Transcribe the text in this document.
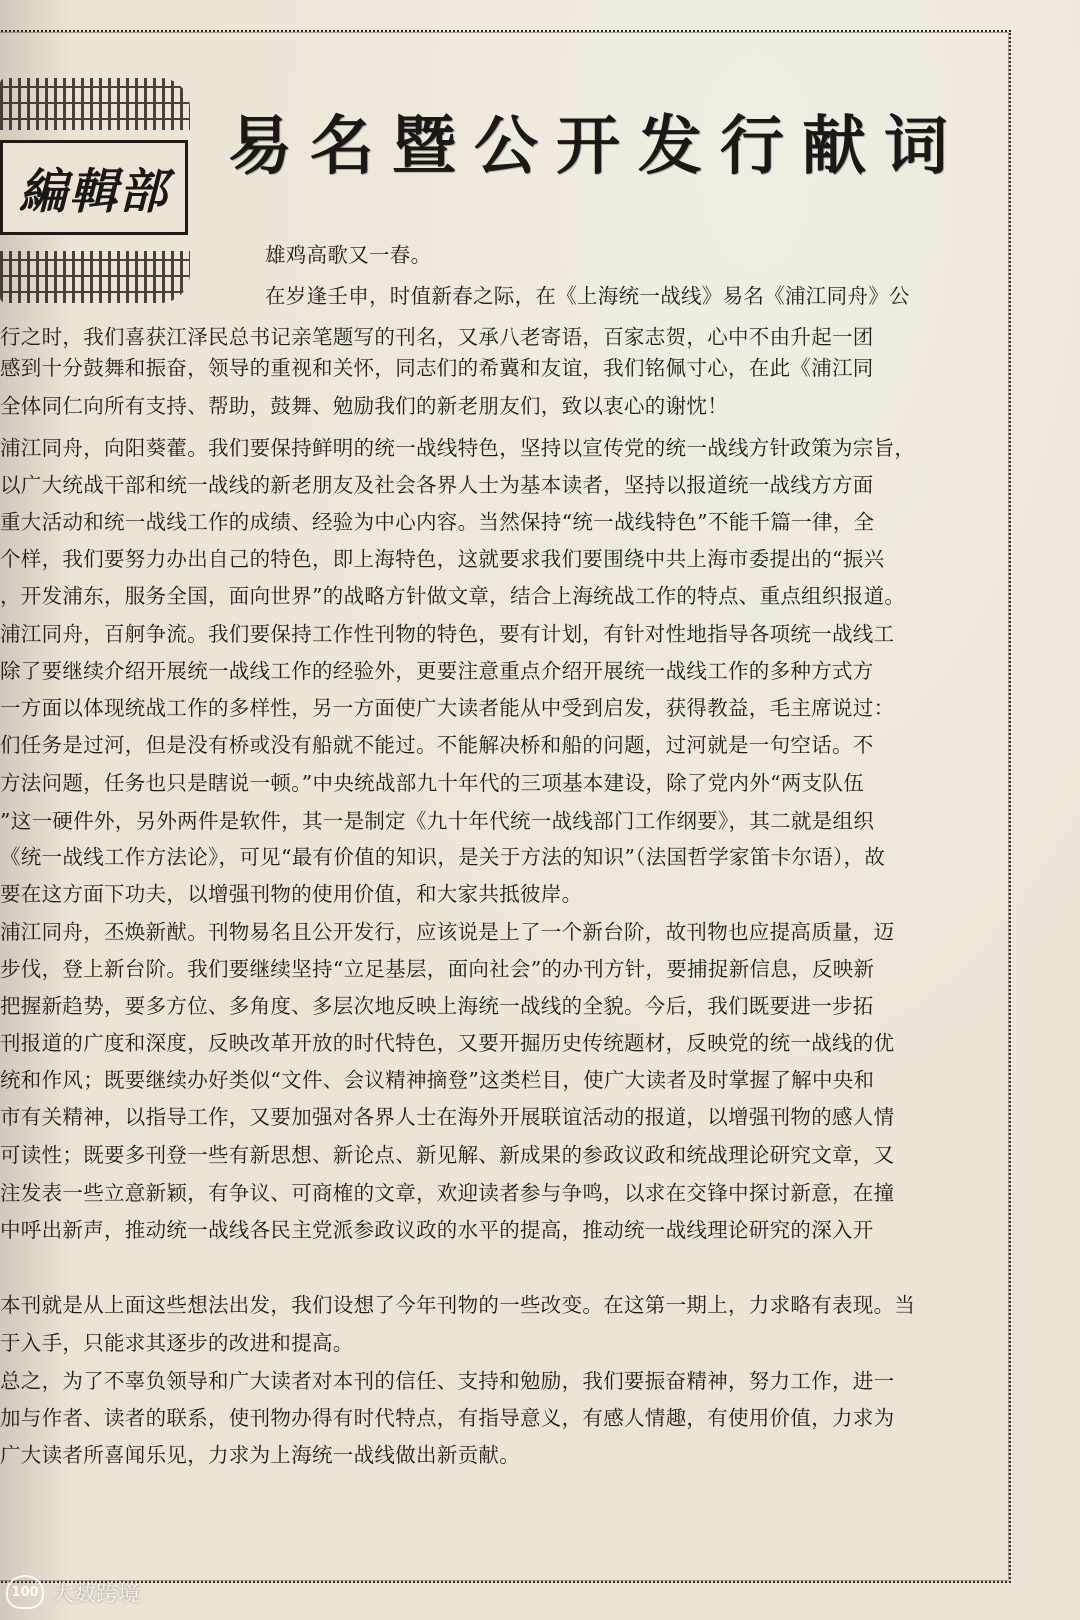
編輯部
易名暨公开发行献词
雄鸡高歌又一春。
在岁逢壬申，时值新春之际，在《上海统一战线》易名《浦江同舟》公
行之时，我们喜获江泽民总书记亲笔题写的刊名，又承八老寄语，百家志贺，心中不由升起一团
感到十分鼓舞和振奋，领导的重视和关怀，同志们的希冀和友谊，我们铭佩寸心，在此《浦江同
全体同仁向所有支持、帮助，鼓舞、勉励我们的新老朋友们，致以衷心的谢忱！
浦江同舟，向阳葵藿。我们要保持鲜明的统一战线特色，坚持以宣传党的统一战线方针政策为宗旨，
以广大统战干部和统一战线的新老朋友及社会各界人士为基本读者，坚持以报道统一战线方方面
重大活动和统一战线工作的成绩、经验为中心内容。当然保持“统一战线特色”不能千篇一律，全
个样，我们要努力办出自己的特色，即上海特色，这就要求我们要围绕中共上海市委提出的“振兴
，开发浦东，服务全国，面向世界”的战略方针做文章，结合上海统战工作的特点、重点组织报道。
浦江同舟，百舸争流。我们要保持工作性刊物的特色，要有计划，有针对性地指导各项统一战线工
除了要继续介绍开展统一战线工作的经验外，更要注意重点介绍开展统一战线工作的多种方式方
一方面以体现统战工作的多样性，另一方面使广大读者能从中受到启发，获得教益，毛主席说过：
们任务是过河，但是没有桥或没有船就不能过。不能解决桥和船的问题，过河就是一句空话。不
方法问题，任务也只是瞎说一顿。”中央统战部九十年代的三项基本建设，除了党内外“两支队伍
”这一硬件外，另外两件是软件，其一是制定《九十年代统一战线部门工作纲要》，其二就是组织
《统一战线工作方法论》，可见“最有价值的知识，是关于方法的知识”（法国哲学家笛卡尔语），故
要在这方面下功夫，以增强刊物的使用价值，和大家共抵彼岸。
浦江同舟，丕焕新猷。刊物易名且公开发行，应该说是上了一个新台阶，故刊物也应提高质量，迈
步伐，登上新台阶。我们要继续坚持“立足基层，面向社会”的办刊方针，要捕捉新信息，反映新
把握新趋势，要多方位、多角度、多层次地反映上海统一战线的全貌。今后，我们既要进一步拓
刊报道的广度和深度，反映改革开放的时代特色，又要开掘历史传统题材，反映党的统一战线的优
统和作风；既要继续办好类似“文件、会议精神摘登”这类栏目，使广大读者及时掌握了解中央和
市有关精神，以指导工作，又要加强对各界人士在海外开展联谊活动的报道，以增强刊物的感人情
可读性；既要多刊登一些有新思想、新论点、新见解、新成果的参政议政和统战理论研究文章，又
注发表一些立意新颖，有争议、可商榷的文章，欢迎读者参与争鸣，以求在交锋中探讨新意，在撞
中呼出新声，推动统一战线各民主党派参政议政的水平的提高，推动统一战线理论研究的深入开
本刊就是从上面这些想法出发，我们设想了今年刊物的一些改变。在这第一期上，力求略有表现。当
于入手，只能求其逐步的改进和提高。
总之，为了不辜负领导和广大读者对本刊的信任、支持和勉励，我们要振奋精神，努力工作，进一
加与作者、读者的联系，使刊物办得有时代特点，有指导意义，有感人情趣，有使用价值，力求为
广大读者所喜闻乐见，力求为上海统一战线做出新贡献。
100 大数跨境
